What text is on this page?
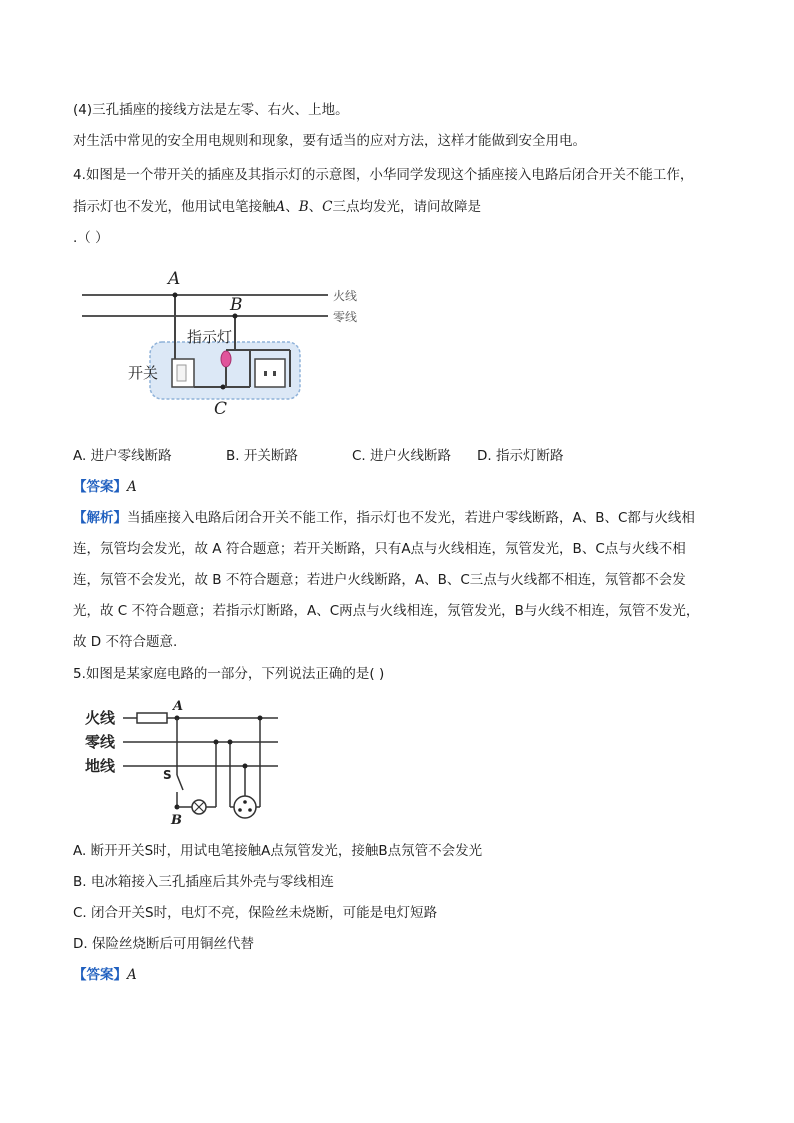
(4)三孔插座的接线方法是左零、右火、上地。
对生活中常见的安全用电规则和现象，要有适当的应对方法，这样才能做到安全用电。
4.如图是一个带开关的插座及其指示灯的示意图，小华同学发现这个插座接入电路后闭合开关不能工作，
指示灯也不发光，他用试电笔接触A、B、C三点均发光，请问故障是
.（ ）
火线
零线
A
开关
C
指示灯
B
A. 进户零线断路	B. 开关断路	C. 进户火线断路 D. 指示灯断路
【答案】A
【解析】当插座接入电路后闭合开关不能工作，指示灯也不发光，若进户零线断路，A、B、C都与火线相
连，氖管均会发光，故 A 符合题意；若开关断路，只有A点与火线相连，氖管发光，B、C点与火线不相
连，氖管不会发光，故 B 不符合题意；若进户火线断路，A、B、C三点与火线都不相连，氖管都不会发
光，故 C 不符合题意；若指示灯断路，A、C两点与火线相连，氖管发光，B与火线不相连，氖管不发光，
故 D 不符合题意.
5.如图是某家庭电路的一部分，下列说法正确的是( )
火线
零线
地线
A
S
B
A. 断开开关S时，用试电笔接触A点氖管发光，接触B点氖管不会发光
B. 电冰箱接入三孔插座后其外壳与零线相连
C. 闭合开关S时，电灯不亮，保险丝未烧断，可能是电灯短路
D. 保险丝烧断后可用铜丝代替
【答案】A
